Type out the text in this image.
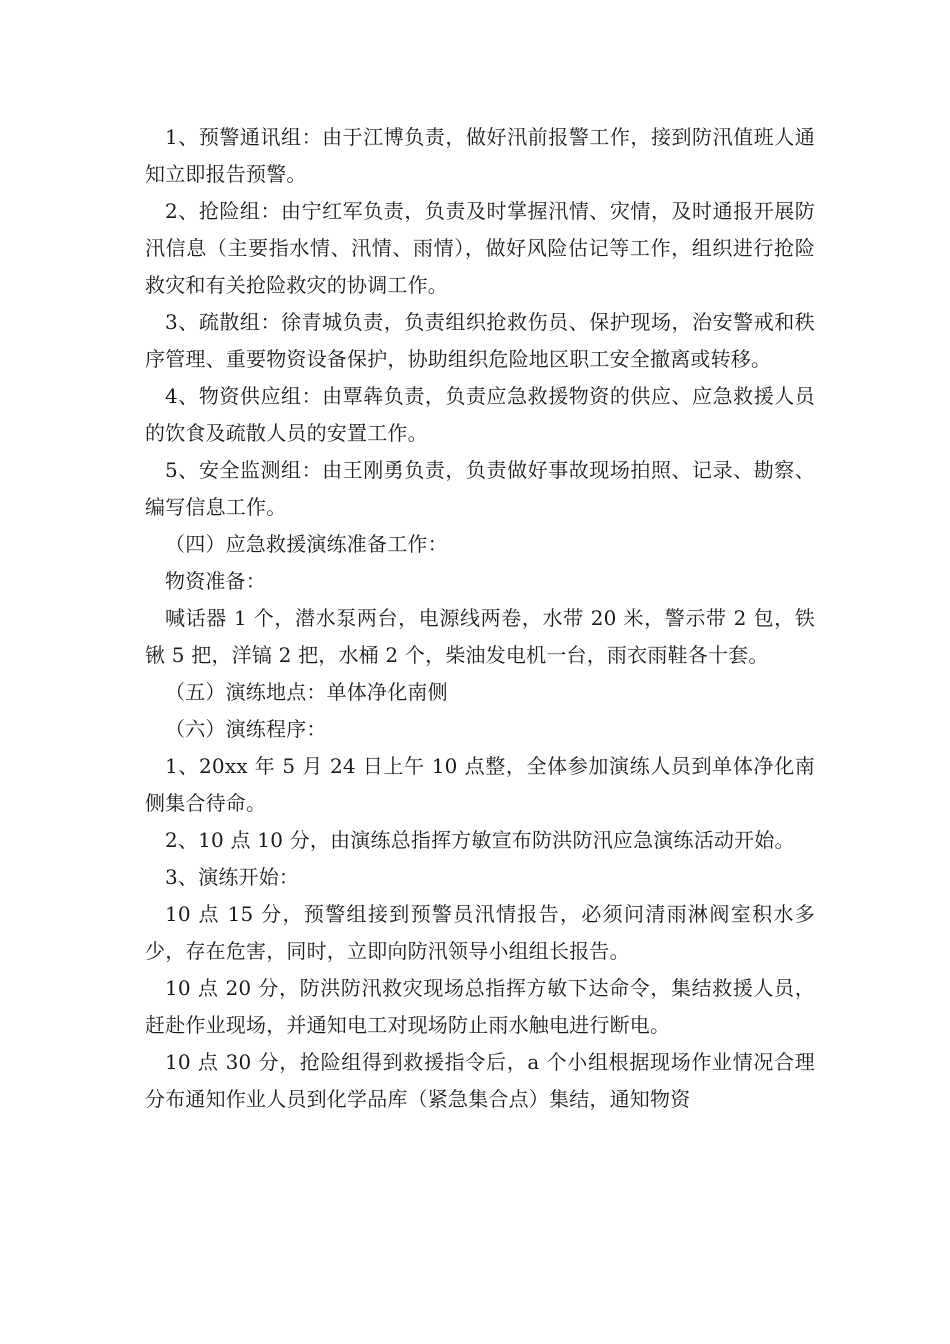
1、预警通讯组：由于江博负责，做好汛前报警工作，接到防汛值班人通知立即报告预警。

2、抢险组：由宁红军负责，负责及时掌握汛情、灾情，及时通报开展防汛信息（主要指水情、汛情、雨情），做好风险估记等工作，组织进行抢险救灾和有关抢险救灾的协调工作。

3、疏散组：徐青城负责，负责组织抢救伤员、保护现场，治安警戒和秩序管理、重要物资设备保护，协助组织危险地区职工安全撤离或转移。

4、物资供应组：由覃犇负责，负责应急救援物资的供应、应急救援人员的饮食及疏散人员的安置工作。

5、安全监测组：由王刚勇负责，负责做好事故现场拍照、记录、勘察、编写信息工作。

（四）应急救援演练准备工作：

物资准备：

喊话器 1 个，潜水泵两台，电源线两卷，水带 20 米，警示带 2 包，铁锹 5 把，洋镐 2 把，水桶 2 个，柴油发电机一台，雨衣雨鞋各十套。

（五）演练地点：单体净化南侧

（六）演练程序：

1、20xx 年 5 月 24 日上午 10 点整，全体参加演练人员到单体净化南侧集合待命。

2、10 点 10 分，由演练总指挥方敏宣布防洪防汛应急演练活动开始。

3、演练开始：

10 点 15 分，预警组接到预警员汛情报告，必须问清雨淋阀室积水多少，存在危害，同时，立即向防汛领导小组组长报告。

10 点 20 分，防洪防汛救灾现场总指挥方敏下达命令，集结救援人员，赶赴作业现场，并通知电工对现场防止雨水触电进行断电。

10 点 30 分，抢险组得到救援指令后，a 个小组根据现场作业情况合理分布通知作业人员到化学品库（紧急集合点）集结，通知物资
